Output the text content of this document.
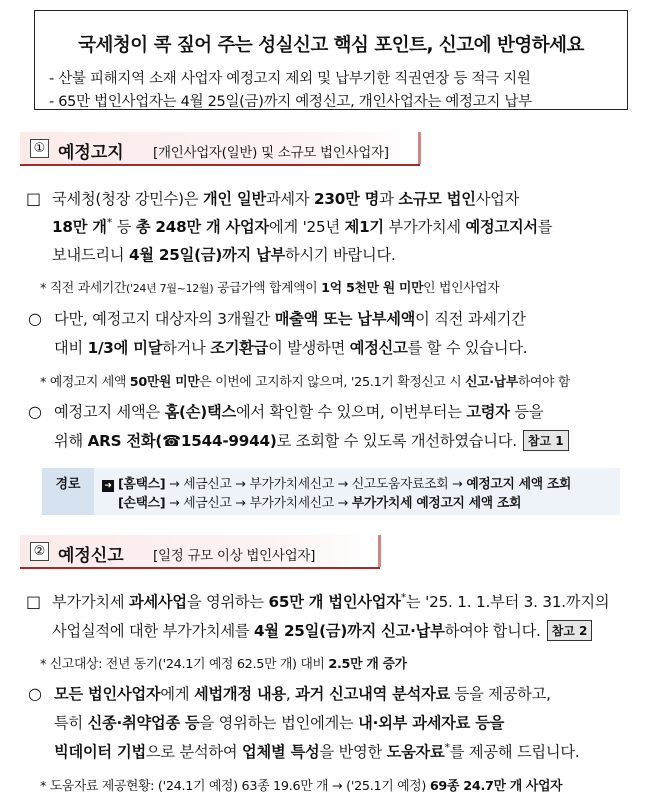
국세청이 콕 짚어 주는 성실신고 핵심 포인트, 신고에 반영하세요
- 산불 피해지역 소재 사업자 예정고지 제외 및 납부기한 직권연장 등 적극 지원
- 65만 법인사업자는 4월 25일(금)까지 예정신고, 개인사업자는 예정고지 납부
① 예정고지 [개인사업자(일반) 및 소규모 법인사업자]
□ 국세청(청장 강민수)은 개인 일반과세자 230만 명과 소규모 법인사업자
18만 개* 등 총 248만 개 사업자에게 '25년 제1기 부가가치세 예정고지서를
보내드리니 4월 25일(금)까지 납부하시기 바랍니다.
* 직전 과세기간('24년 7월~12월) 공급가액 합계액이 1억 5천만 원 미만인 법인사업자
○ 다만, 예정고지 대상자의 3개월간 매출액 또는 납부세액이 직전 과세기간
대비 1/3에 미달하거나 조기환급이 발생하면 예정신고를 할 수 있습니다.
* 예정고지 세액 50만원 미만은 이번에 고지하지 않으며, '25.1기 확정신고 시 신고·납부하여야 함
○ 예정고지 세액은 홈(손)택스에서 확인할 수 있으며, 이번부터는 고령자 등을
위해 ARS 전화(☎1544-9944)로 조회할 수 있도록 개선하였습니다. 참고 1
경로	➜ [홈택스] → 세금신고 → 부가가치세신고 → 신고도움자료조회 → 예정고지 세액 조회
[손택스] → 세금신고 → 부가가치세신고 → 부가가치세 예정고지 세액 조회
② 예정신고 [일정 규모 이상 법인사업자]
□ 부가가치세 과세사업을 영위하는 65만 개 법인사업자*는 '25. 1. 1.부터 3. 31.까지의
사업실적에 대한 부가가치세를 4월 25일(금)까지 신고·납부하여야 합니다. 참고 2
* 신고대상: 전년 동기('24.1기 예정 62.5만 개) 대비 2.5만 개 증가
○ 모든 법인사업자에게 세법개정 내용, 과거 신고내역 분석자료 등을 제공하고,
특히 신종·취약업종 등을 영위하는 법인에게는 내·외부 과세자료 등을
빅데이터 기법으로 분석하여 업체별 특성을 반영한 도움자료*를 제공해 드립니다.
* 도움자료 제공현황: ('24.1기 예정) 63종 19.6만 개 → ('25.1기 예정) 69종 24.7만 개 사업자
